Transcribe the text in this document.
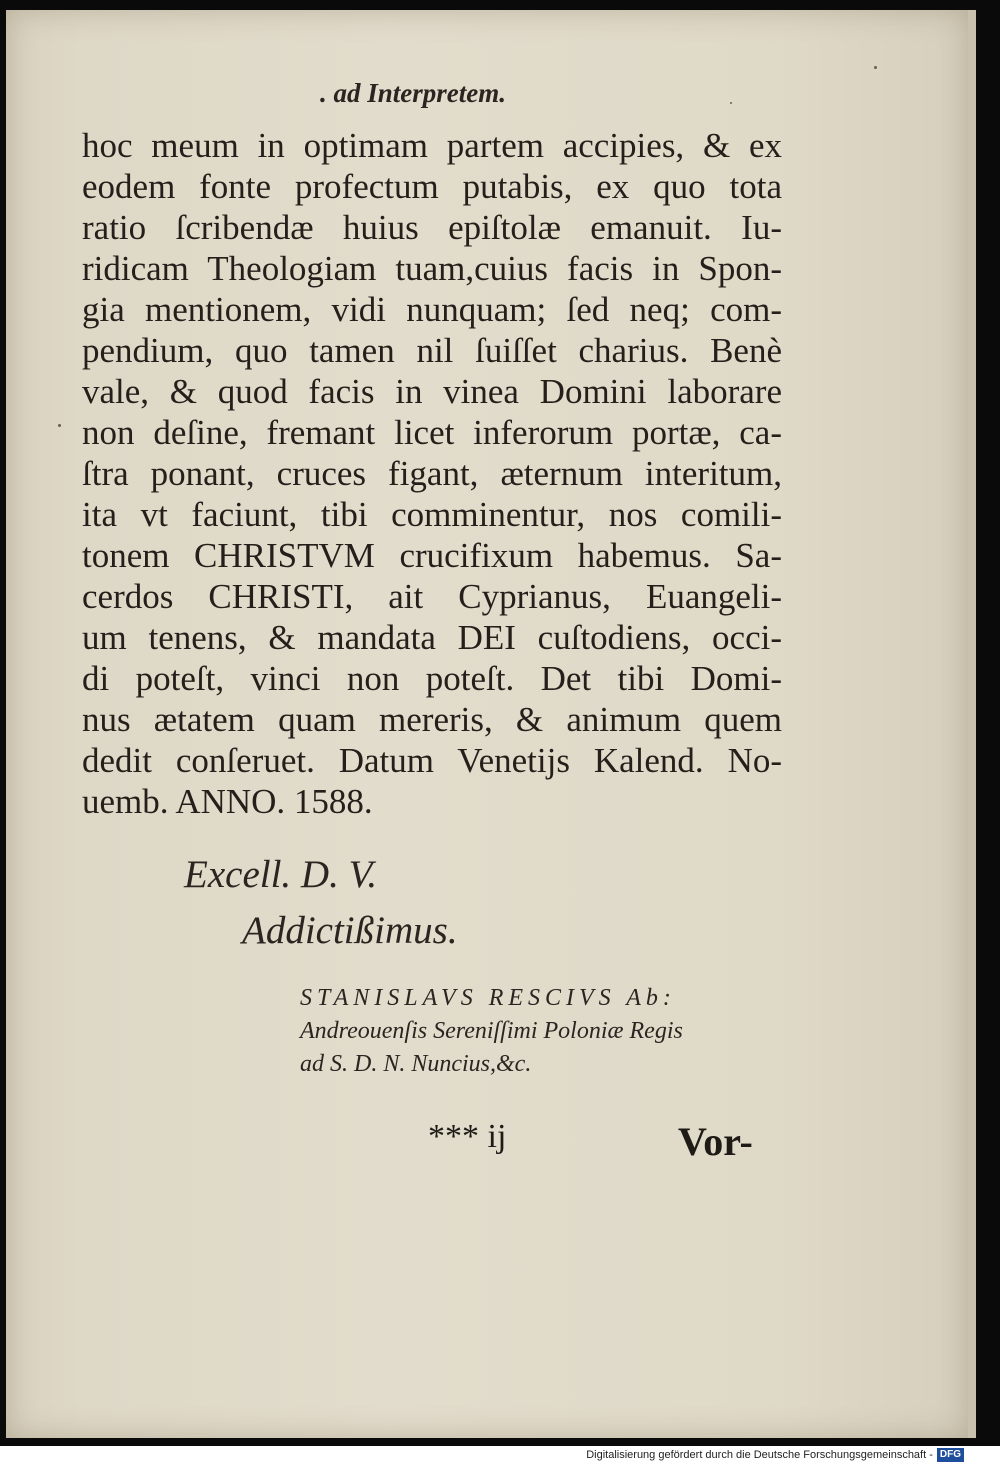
. ad Interpretem.
hoc meum in optimam partem accipies, & ex
eodem fonte profectum putabis, ex quo tota
ratio ſcribendæ huius epiſtolæ emanuit. Iu-
ridicam Theologiam tuam,cuius facis in Spon-
gia mentionem, vidi nunquam; ſed neq; com-
pendium, quo tamen nil ſuiſſet charius. Benè
vale, & quod facis in vinea Domini laborare
non deſine, fremant licet inferorum portæ, ca-
ſtra ponant, cruces figant, æternum interitum,
ita vt faciunt, tibi comminentur, nos comili-
tonem CHRISTVM crucifixum habemus. Sa-
cerdos CHRISTI, ait Cyprianus, Euangeli-
um tenens, & mandata DEI cuſtodiens, occi-
di poteſt, vinci non poteſt. Det tibi Domi-
nus ætatem quam mereris, & animum quem
dedit conſeruet. Datum Venetijs Kalend. No-
uemb. ANNO. 1588.
Excell. D. V.
Addictißimus.
STANISLAVS RESCIVS Ab:
Andreouenſis Sereniſſimi Poloniæ Regis
ad S. D. N. Nuncius,&c.
*** ij	Vor-
Digitalisierung gefördert durch die Deutsche Forschungsgemeinschaft - DFG
